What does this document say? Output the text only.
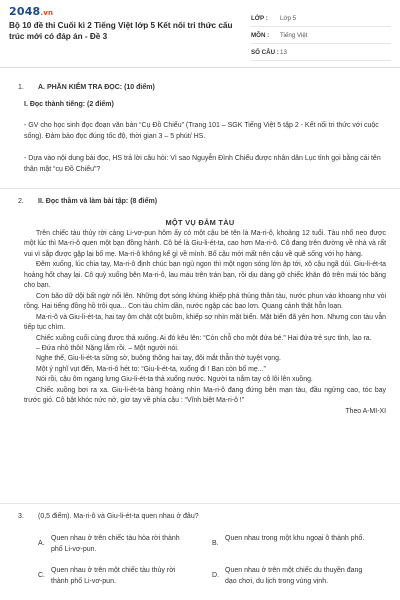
2048.vn
Bộ 10 đề thi Cuối kì 2 Tiếng Việt lớp 5 Kết nối tri thức cấu trúc mới có đáp án - Đề 3
LỚP :	Lớp 5
MÔN :	Tiếng Việt
SỐ CÂU : 13
1. A. PHẦN KIỂM TRA ĐỌC: (10 điểm)
I. Đọc thành tiếng: (2 điểm)
- GV cho học sinh đọc đoạn văn bản “Cụ Đồ Chiểu” (Trang 101 – SGK Tiếng Việt 5 tập 2 - Kết nối tri thức với cuộc sống). Đảm bảo đọc đúng tốc độ, thời gian 3 – 5 phút/ HS.
- Dựa vào nội dung bài đọc, HS trả lời câu hỏi: Vì sao Nguyễn Đình Chiểu được nhân dân Lục tỉnh gọi bằng cái tên thân mật “cụ Đồ Chiểu”?
2. II. Đọc thầm và làm bài tập: (8 điểm)
MỘT VỤ ĐẮM TÀU

Trên chiếc tàu thủy rời cảng Li-vơ-pun hôm ấy có một cậu bé tên là Ma-ri-ô, khoảng 12 tuổi. Tàu nhổ neo được một lúc thì Ma-ri-ô quen một bạn đồng hành. Cô bé là Giu-li-ét-ta, cao hơn Ma-ri-ô. Cô đang trên đường về nhà và rất vui vì sắp được gặp lại bố mẹ. Ma-ri-ô không kể gì về mình. Bố cậu mới mất nên cậu về quê sống với họ hàng.

Đêm xuống, lúc chia tay, Ma-ri-ô định chúc bạn ngủ ngon thì một ngọn sóng lớn ập tới, xô cậu ngã dúi. Giu-li-ét-ta hoảng hốt chạy lại. Cô quỳ xuống bên Ma-ri-ô, lau máu trên trán bạn, rồi dịu dàng gỡ chiếc khăn đỏ trên mái tóc băng cho bạn.

Cơn bão dữ dội bất ngờ nổi lên. Những đợt sóng khủng khiếp phá thủng thân tàu, nước phun vào khoang như vòi rồng. Hai tiếng đồng hồ trôi qua... Con tàu chìm dần, nước ngập các bao lơn. Quang cảnh thật hỗn loạn.

Ma-ri-ô và Giu-li-ét-ta, hai tay ôm chặt cột buồm, khiếp sợ nhìn mặt biển. Mặt biển đã yên hơn. Nhưng con tàu vẫn tiếp tục chìm.

Chiếc xuồng cuối cùng được thả xuống. Ai đó kêu lên: “Còn chỗ cho một đứa bé.” Hai đứa trẻ sực tỉnh, lao ra.

– Đứa nhỏ thôi! Nặng lắm rồi. – Một người nói.

Nghe thế, Giu-li-ét-ta sững sờ, buông thõng hai tay, đôi mắt thẫn thờ tuyệt vọng.

Một ý nghĩ vụt đến, Ma-ri-ô hét to: “Giu-li-ét-ta, xuống đi ! Bạn còn bố mẹ...”

Nói rồi, cậu ôm ngang lưng Giu-li-ét-ta thả xuống nước. Người ta nắm tay cô lôi lên xuồng.

Chiếc xuồng bơi ra xa. Giu-li-ét-ta bàng hoàng nhìn Ma-ri-ô đang đứng bên mạn tàu, đầu ngửng cao, tóc bay trước gió. Cô bật khóc nức nở, giơ tay về phía cậu : “Vĩnh biệt Ma-ri-ô !”

Theo A-MI-XI

3. (0,5 điểm). Ma-ri-ô và Giu-li-ét-ta quen nhau ở đâu?
A.
Quen nhau ở trên chiếc tàu hỏa rời thành phố Li-vơ-pun.
B.
Quen nhau trong một khu ngoại ô thành phố.
C.
Quen nhau ở trên một chiếc tàu thủy rời thành phố Li-vơ-pun.
D.
Quen nhau ở trên một chiếc du thuyền đang dạo chơi, du lịch trong vùng vịnh.
